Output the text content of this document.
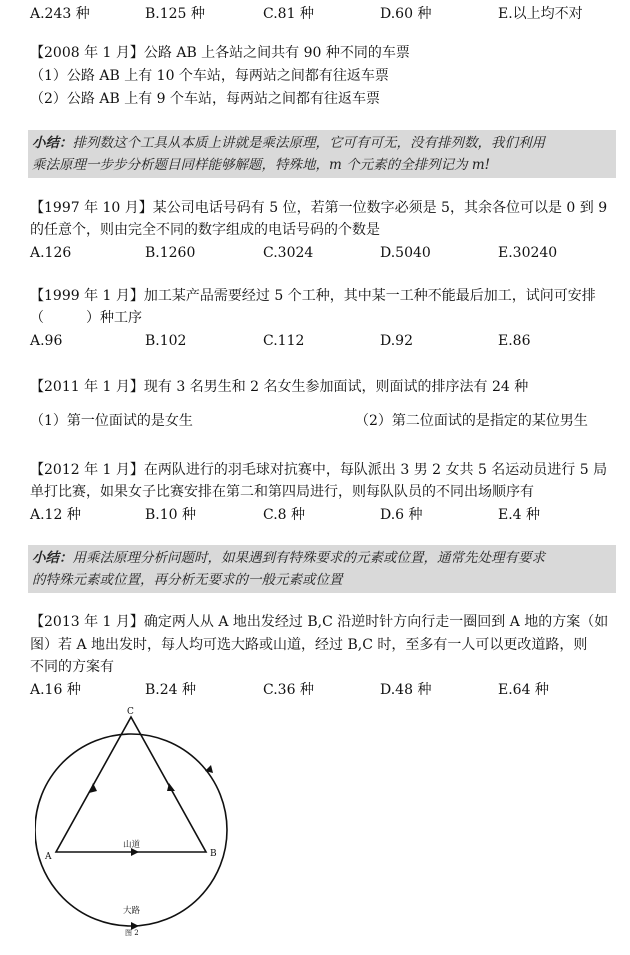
A.243 种	B.125 种	C.81 种	D.60 种	E.以上均不对
【2008 年 1 月】公路 AB 上各站之间共有 90 种不同的车票
（1）公路 AB 上有 10 个车站，每两站之间都有往返车票
（2）公路 AB 上有 9 个车站，每两站之间都有往返车票
小结：排列数这个工具从本质上讲就是乘法原理，它可有可无，没有排列数，我们利用
乘法原理一步步分析题目同样能够解题，特殊地，m 个元素的全排列记为 m!
【1997 年 10 月】某公司电话号码有 5 位，若第一位数字必须是 5，其余各位可以是 0 到 9
的任意个，则由完全不同的数字组成的电话号码的个数是
A.126	B.1260	C.3024	D.5040	E.30240
【1999 年 1 月】加工某产品需要经过 5 个工种，其中某一工种不能最后加工，试问可安排
（　　　）种工序
A.96	B.102	C.112	D.92	E.86
【2011 年 1 月】现有 3 名男生和 2 名女生参加面试，则面试的排序法有 24 种
（1）第一位面试的是女生	（2）第二位面试的是指定的某位男生
【2012 年 1 月】在两队进行的羽毛球对抗赛中，每队派出 3 男 2 女共 5 名运动员进行 5 局
单打比赛，如果女子比赛安排在第二和第四局进行，则每队队员的不同出场顺序有
A.12 种	B.10 种	C.8 种	D.6 种	E.4 种
小结：用乘法原理分析问题时，如果遇到有特殊要求的元素或位置，通常先处理有要求
的特殊元素或位置，再分析无要求的一般元素或位置
【2013 年 1 月】确定两人从 A 地出发经过 B,C 沿逆时针方向行走一圈回到 A 地的方案（如
图）若 A 地出发时，每人均可选大路或山道，经过 B,C 时，至多有一人可以更改道路，则
不同的方案有
A.16 种	B.24 种	C.36 种	D.48 种	E.64 种
C
A	B
山道
大路
图 2
